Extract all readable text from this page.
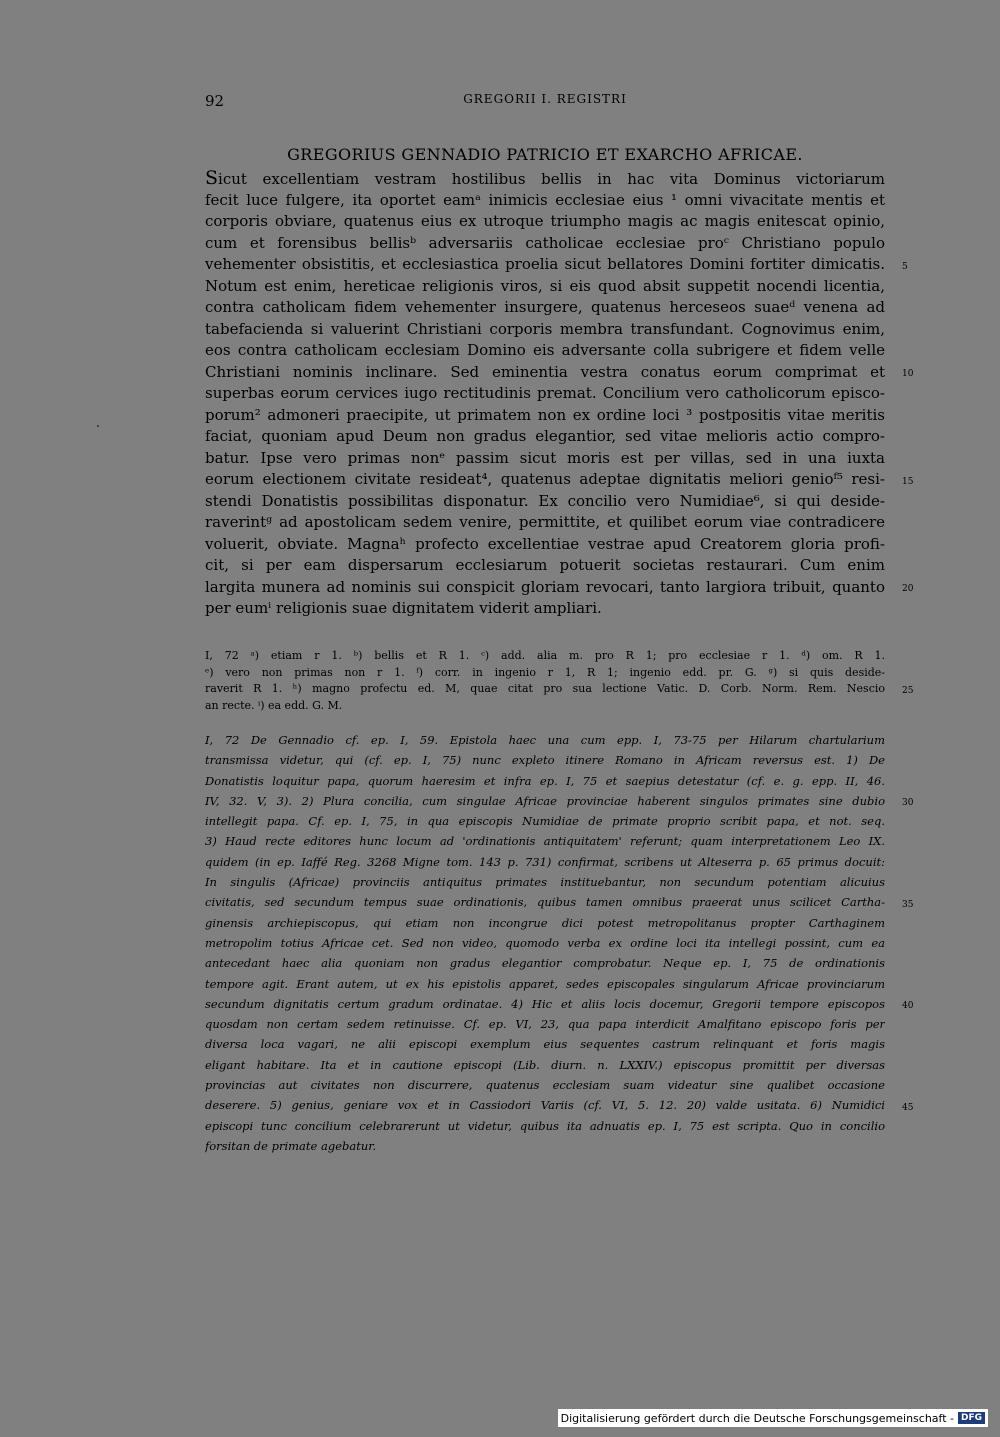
92	GREGORII I. REGISTRI
GREGORIUS GENNADIO PATRICIO ET EXARCHO AFRICAE.
Sicut excellentiam vestram hostilibus bellis in hac vita Dominus victoriarum
fecit luce fulgere, ita oportet eamᵃ inimicis ecclesiae eius ¹ omni vivacitate mentis et
corporis obviare, quatenus eius ex utroque triumpho magis ac magis enitescat opinio,
cum et forensibus bellisᵇ adversariis catholicae ecclesiae proᶜ Christiano populo
vehementer obsistitis, et ecclesiastica proelia sicut bellatores Domini fortiter dimicatis.
Notum est enim, hereticae religionis viros, si eis quod absit suppetit nocendi licentia,
contra catholicam fidem vehementer insurgere, quatenus herceseos suaeᵈ venena ad
tabefacienda si valuerint Christiani corporis membra transfundant. Cognovimus enim,
eos contra catholicam ecclesiam Domino eis adversante colla subrigere et fidem velle
Christiani nominis inclinare. Sed eminentia vestra conatus eorum comprimat et
superbas eorum cervices iugo rectitudinis premat. Concilium vero catholicorum episco-
porum² admoneri praecipite, ut primatem non ex ordine loci ³ postpositis vitae meritis
faciat, quoniam apud Deum non gradus elegantior, sed vitae melioris actio compro-
batur. Ipse vero primas nonᵉ passim sicut moris est per villas, sed in una iuxta
eorum electionem civitate resideat⁴, quatenus adeptae dignitatis meliori genioᶠ⁵ resi-
stendi Donatistis possibilitas disponatur. Ex concilio vero Numidiae⁶, si qui deside-
raverintᵍ ad apostolicam sedem venire, permittite, et quilibet eorum viae contradicere
voluerit, obviate. Magnaʰ profecto excellentiae vestrae apud Creatorem gloria profi-
cit, si per eam dispersarum ecclesiarum potuerit societas restaurari. Cum enim
largita munera ad nominis sui conspicit gloriam revocari, tanto largiora tribuit, quanto
per eumⁱ religionis suae dignitatem viderit ampliari.
5
10
15
20
I, 72 ᵃ) etiam r 1. ᵇ) bellis et R 1. ᶜ) add. alia m. pro R 1; pro ecclesiae r 1. ᵈ) om. R 1.
ᵉ) vero non primas non r 1. ᶠ) corr. in ingenio r 1, R 1; ingenio edd. pr. G. ᵍ) si quis deside-
raverit R 1. ʰ) magno profectu ed. M, quae citat pro sua lectione Vatic. D. Corb. Norm. Rem. Nescio
an recte. ⁱ) ea edd. G. M.
25
I, 72 De Gennadio cf. ep. I, 59. Epistola haec una cum epp. I, 73-75 per Hilarum chartularium
transmissa videtur, qui (cf. ep. I, 75) nunc expleto itinere Romano in Africam reversus est. 1) De
Donatistis loquitur papa, quorum haeresim et infra ep. I, 75 et saepius detestatur (cf. e. g. epp. II, 46.
IV, 32. V, 3). 2) Plura concilia, cum singulae Africae provinciae haberent singulos primates sine dubio
intellegit papa. Cf. ep. I, 75, in qua episcopis Numidiae de primate proprio scribit papa, et not. seq.
3) Haud recte editores hunc locum ad 'ordinationis antiquitatem' referunt; quam interpretationem Leo IX.
quidem (in ep. Iaffé Reg. 3268 Migne tom. 143 p. 731) confirmat, scribens ut Alteserra p. 65 primus docuit:
In singulis (Africae) provinciis antiquitus primates instituebantur, non secundum potentiam alicuius
civitatis, sed secundum tempus suae ordinationis, quibus tamen omnibus praeerat unus scilicet Cartha-
ginensis archiepiscopus, qui etiam non incongrue dici potest metropolitanus propter Carthaginem
metropolim totius Africae cet. Sed non video, quomodo verba ex ordine loci ita intellegi possint, cum ea
antecedant haec alia quoniam non gradus elegantior comprobatur. Neque ep. I, 75 de ordinationis
tempore agit. Erant autem, ut ex his epistolis apparet, sedes episcopales singularum Africae provinciarum
secundum dignitatis certum gradum ordinatae. 4) Hic et aliis locis docemur, Gregorii tempore episcopos
quosdam non certam sedem retinuisse. Cf. ep. VI, 23, qua papa interdicit Amalfitano episcopo foris per
diversa loca vagari, ne alii episcopi exemplum eius sequentes castrum relinquant et foris magis
eligant habitare. Ita et in cautione episcopi (Lib. diurn. n. LXXIV.) episcopus promittit per diversas
provincias aut civitates non discurrere, quatenus ecclesiam suam videatur sine qualibet occasione
deserere. 5) genius, geniare vox et in Cassiodori Variis (cf. VI, 5. 12. 20) valde usitata. 6) Numidici
episcopi tunc concilium celebrarerunt ut videtur, quibus ita adnuatis ep. I, 75 est scripta. Quo in concilio
forsitan de primate agebatur.
30
35
40
45
Digitalisierung gefördert durch die Deutsche Forschungsgemeinschaft - DFG
